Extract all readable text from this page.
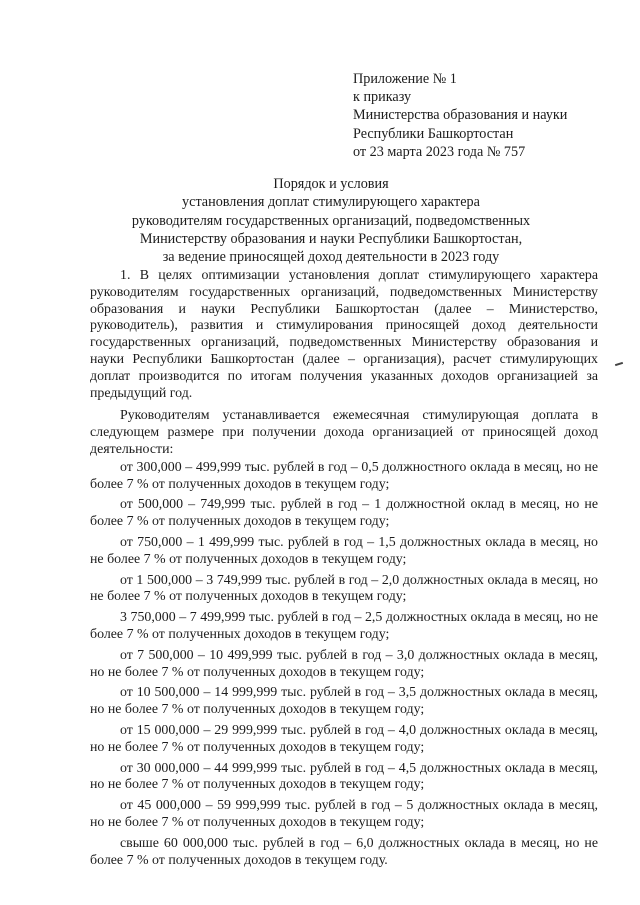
Приложение № 1
к приказу
Министерства образования и науки
Республики Башкортостан
от 23 марта 2023 года № 757
Порядок и условия
установления доплат стимулирующего характера
руководителям государственных организаций, подведомственных
Министерству образования и науки Республики Башкортостан,
за ведение приносящей доход деятельности в 2023 году

1. В целях оптимизации установления доплат стимулирующего характера руководителям государственных организаций, подведомственных Министерству образования и науки Республики Башкортостан (далее – Министерство, руководитель), развития и стимулирования приносящей доход деятельности государственных организаций, подведомственных Министерству образования и науки Республики Башкортостан (далее – организация), расчет стимулирующих доплат производится по итогам получения указанных доходов организацией за предыдущий год.

Руководителям устанавливается ежемесячная стимулирующая доплата в следующем размере при получении дохода организацией от приносящей доход деятельности:

от 300,000 – 499,999 тыс. рублей в год – 0,5 должностного оклада в месяц, но не более 7 % от полученных доходов в текущем году;
от 500,000 – 749,999 тыс. рублей в год – 1 должностной оклад в месяц, но не более 7 % от полученных доходов в текущем году;
от 750,000 – 1 499,999 тыс. рублей в год – 1,5 должностных оклада в месяц, но не более 7 % от полученных доходов в текущем году;
от 1 500,000 – 3 749,999 тыс. рублей в год – 2,0 должностных оклада в месяц, но не более 7 % от полученных доходов в текущем году;
3 750,000 – 7 499,999 тыс. рублей в год – 2,5 должностных оклада в месяц, но не более 7 % от полученных доходов в текущем году;
от 7 500,000 – 10 499,999 тыс. рублей в год – 3,0 должностных оклада в месяц, но не более 7 % от полученных доходов в текущем году;
от 10 500,000 – 14 999,999 тыс. рублей в год – 3,5 должностных оклада в месяц, но не более 7 % от полученных доходов в текущем году;
от 15 000,000 – 29 999,999 тыс. рублей в год – 4,0 должностных оклада в месяц, но не более 7 % от полученных доходов в текущем году;
от 30 000,000 – 44 999,999 тыс. рублей в год – 4,5 должностных оклада в месяц, но не более 7 % от полученных доходов в текущем году;
от 45 000,000 – 59 999,999 тыс. рублей в год – 5 должностных оклада в месяц, но не более 7 % от полученных доходов в текущем году;
свыше 60 000,000 тыс. рублей в год – 6,0 должностных оклада в месяц, но не более 7 % от полученных доходов в текущем году.
